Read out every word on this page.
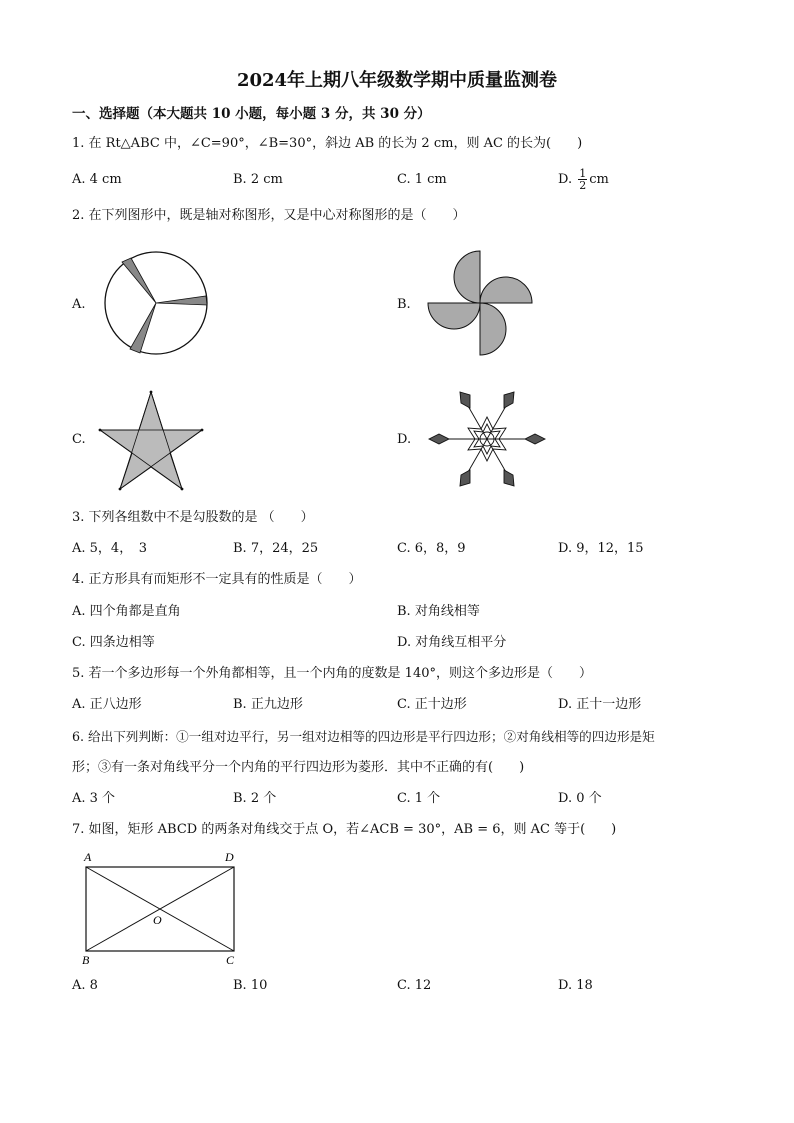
2024年上期八年级数学期中质量监测卷
一、选择题（本大题共 10 小题，每小题 3 分，共 30 分）
1. 在 Rt△ABC 中，∠C=90°，∠B=30°，斜边 AB 的长为 2 cm，则 AC 的长为(　　)
A. 4 cm	B. 2 cm	C. 1 cm	D. $\frac{1}{2}$ cm
2. 在下列图形中，既是轴对称图形，又是中心对称图形的是（　　）
A.	B.
C.	D.
3. 下列各组数中不是勾股数的是 （　　）
A. 5，4，　3	B. 7，24，25	C. 6，8，9	D. 9，12，15
4. 正方形具有而矩形不一定具有的性质是（　　）
A. 四个角都是直角	B. 对角线相等
C. 四条边相等	D. 对角线互相平分
5. 若一个多边形每一个外角都相等，且一个内角的度数是 140°，则这个多边形是（　　）
A. 正八边形	B. 正九边形	C. 正十边形	D. 正十一边形
6. 给出下列判断：①一组对边平行，另一组对边相等的四边形是平行四边形；②对角线相等的四边形是矩
形；③有一条对角线平分一个内角的平行四边形为菱形．其中不正确的有(　　)
A. 3 个	B. 2 个	C. 1 个	D. 0 个
7. 如图，矩形 ABCD 的两条对角线交于点 O，若∠ACB = 30°，AB = 6，则 AC 等于(　　)
A	D
B	C
O
A. 8	B. 10	C. 12	D. 18
